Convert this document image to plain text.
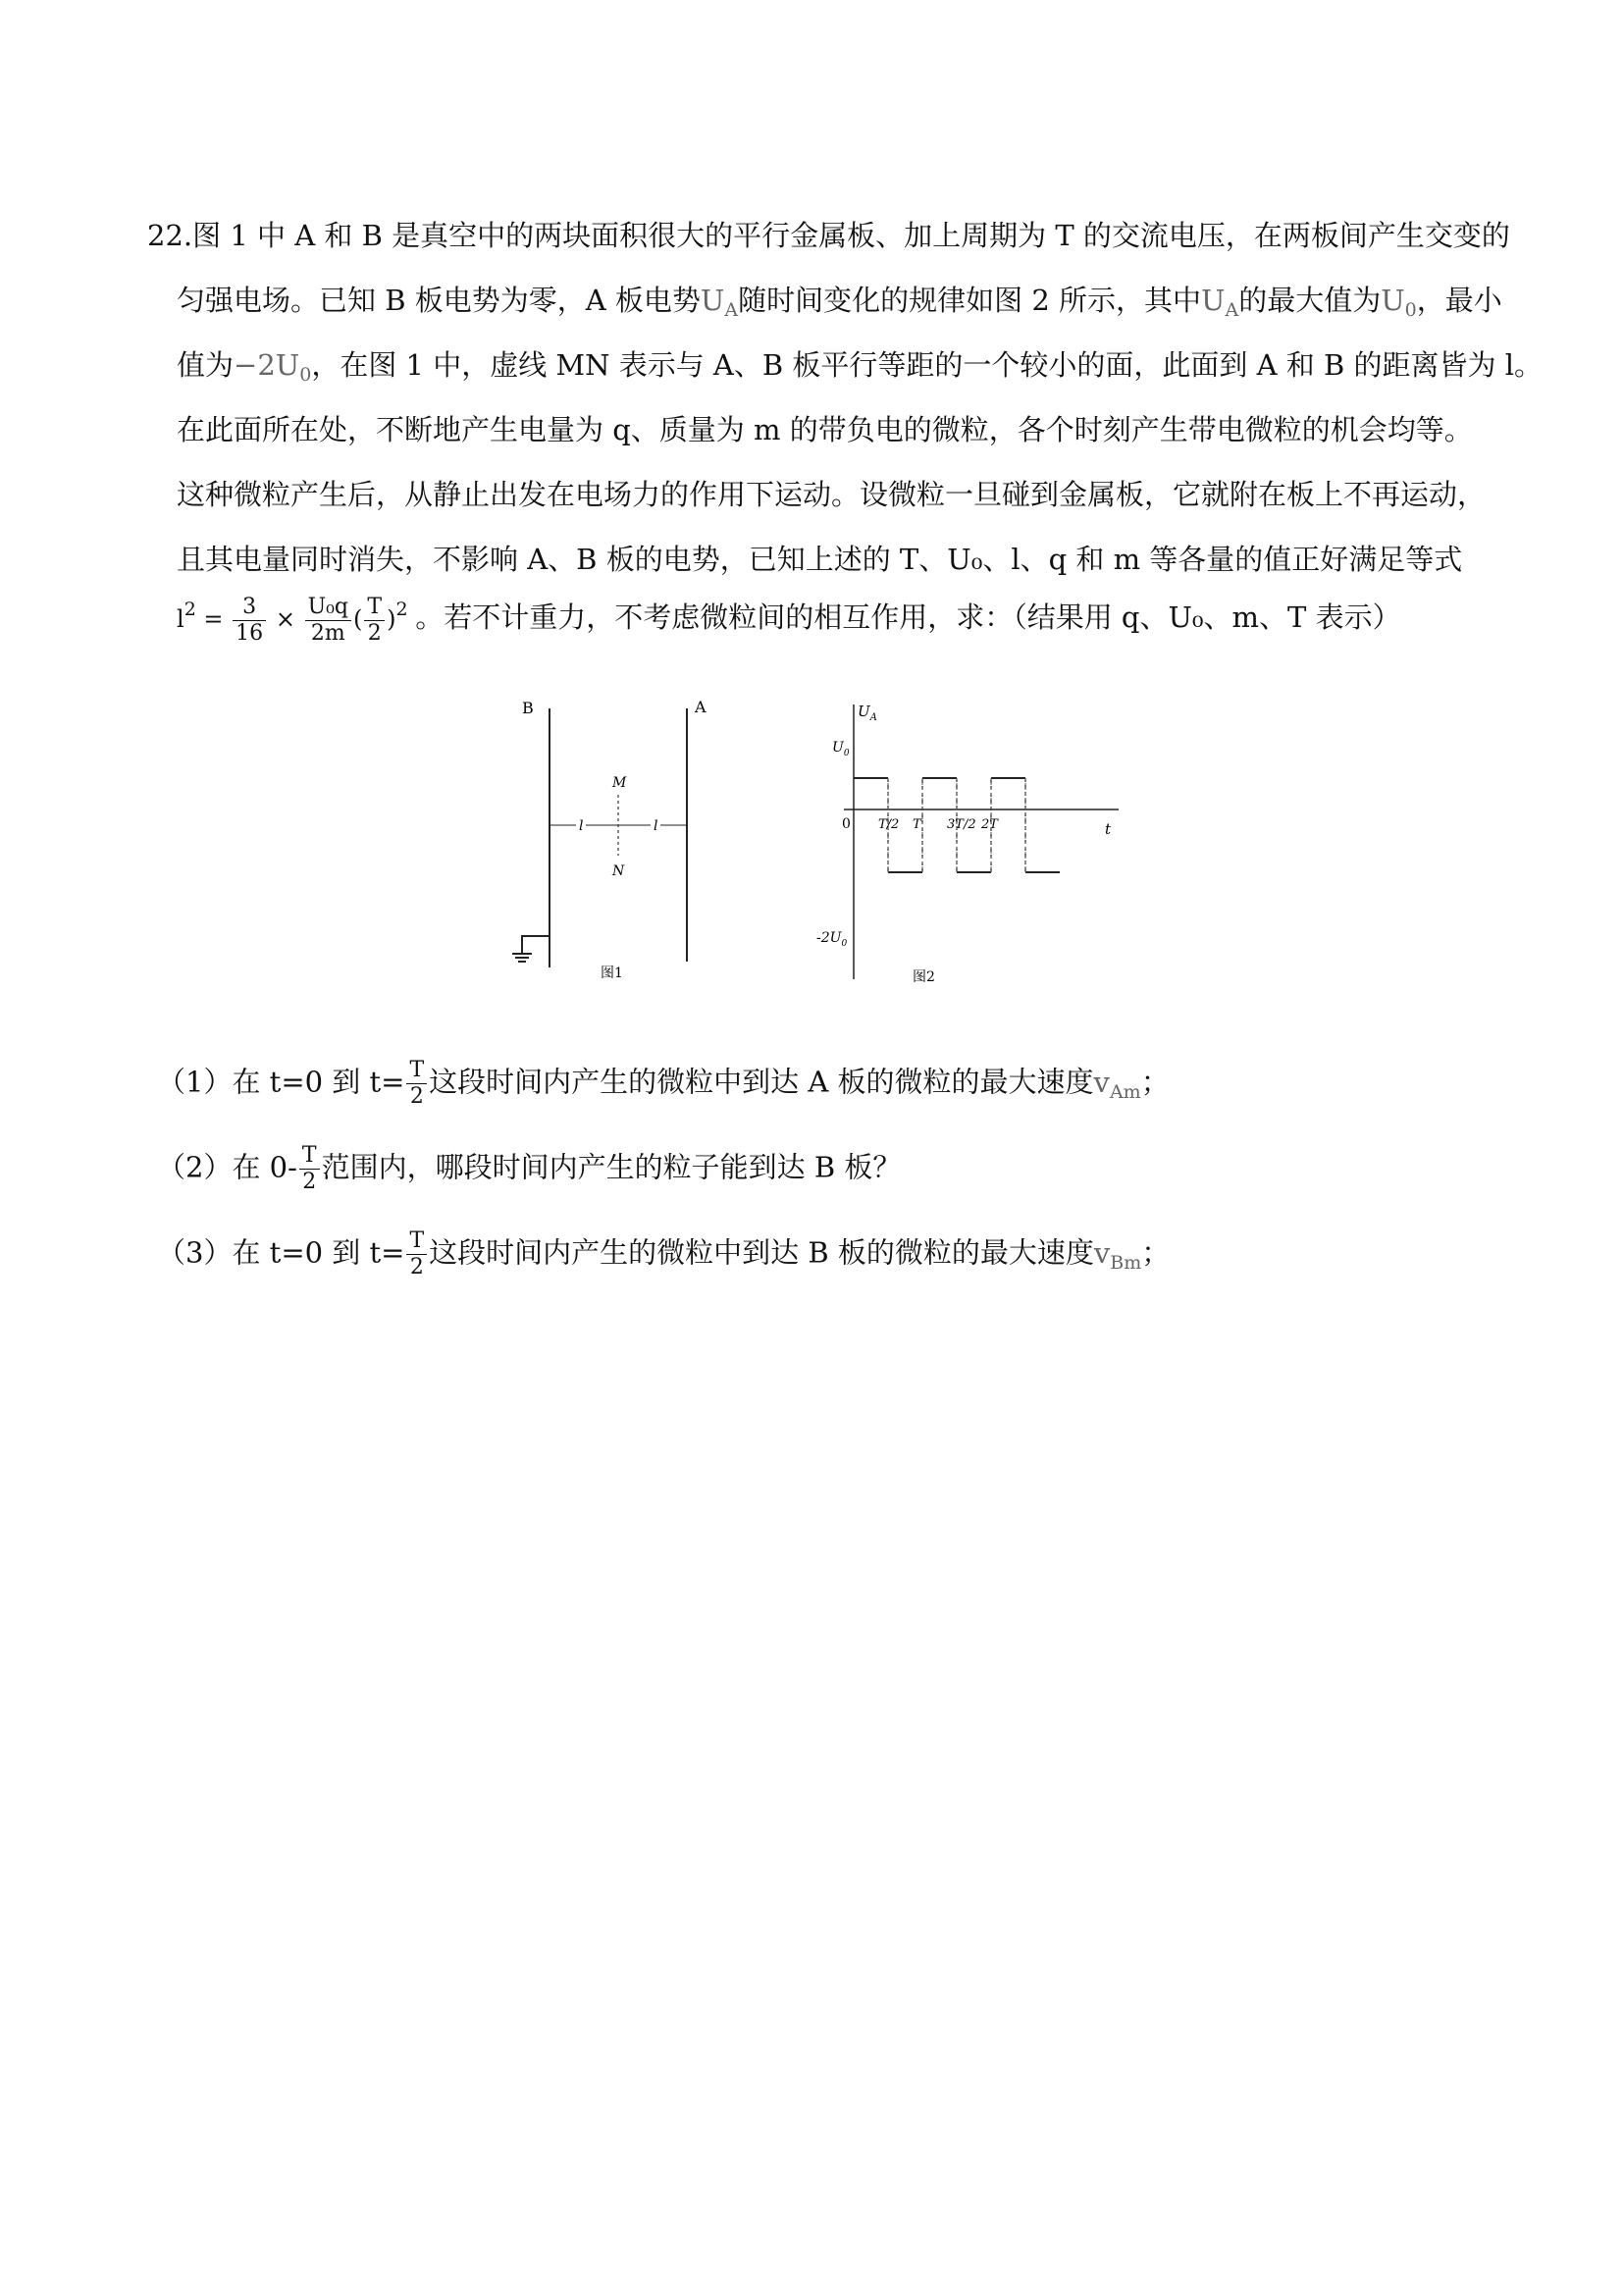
22.图 1 中 A 和 B 是真空中的两块面积很大的平行金属板、加上周期为 T 的交流电压，在两板间产生交变的
匀强电场。已知 B 板电势为零，A 板电势$U_A$随时间变化的规律如图 2 所示，其中$U_A$的最大值为$U_0$，最小
值为$-2U_0$，在图 1 中，虚线 MN 表示与 A、B 板平行等距的一个较小的面，此面到 A 和 B 的距离皆为 l。
在此面所在处，不断地产生电量为 q、质量为 m 的带负电的微粒，各个时刻产生带电微粒的机会均等。
这种微粒产生后，从静止出发在电场力的作用下运动。设微粒一旦碰到金属板，它就附在板上不再运动，
且其电量同时消失，不影响 A、B 板的电势，已知上述的 T、U₀、l、q 和 m 等各量的值正好满足等式
$l^2 = \frac{3}{16} \times \frac{\text{U₀q}}{2m}$ ( $\frac{T}{2} )^2$ 。若不计重力，不考虑微粒间的相互作用，求：（结果用 q、U₀、m、T 表示）
B	A
M
N
l	l
图1
$U_A$
t
0
$U_0$
$-2U_0$
T/2 T 3T/2 2T
图2
（1）在 t=0 到 $t= \frac{T}{2}$ 这段时间内产生的微粒中到达 A 板的微粒的最大速度$v_{Am}$；
（2）在 $0- \frac{T}{2}$ 范围内，哪段时间内产生的粒子能到达 B 板？
（3）在 t=0 到 $t= \frac{T}{2}$ 这段时间内产生的微粒中到达 B 板的微粒的最大速度$v_{Bm}$；
